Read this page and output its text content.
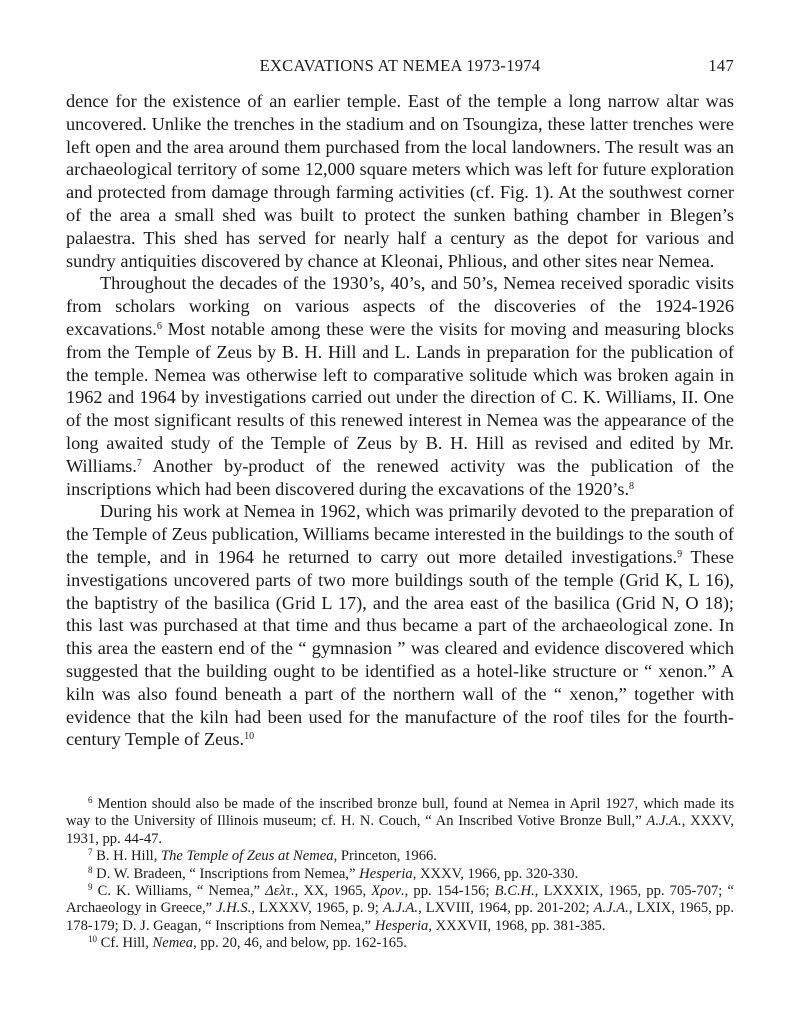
EXCAVATIONS AT NEMEA 1973-1974	147

dence for the existence of an earlier temple. East of the temple a long narrow altar was uncovered. Unlike the trenches in the stadium and on Tsoungiza, these latter trenches were left open and the area around them purchased from the local landowners. The result was an archaeological territory of some 12,000 square meters which was left for future exploration and protected from damage through farming activities (cf. Fig. 1). At the southwest corner of the area a small shed was built to protect the sunken bathing chamber in Blegen’s palaestra. This shed has served for nearly half a century as the depot for various and sundry antiquities discovered by chance at Kleonai, Phlious, and other sites near Nemea.

Throughout the decades of the 1930’s, 40’s, and 50’s, Nemea received sporadic visits from scholars working on various aspects of the discoveries of the 1924-1926 excavations.$^6$ Most notable among these were the visits for moving and measuring blocks from the Temple of Zeus by B. H. Hill and L. Lands in preparation for the publication of the temple. Nemea was otherwise left to comparative solitude which was broken again in 1962 and 1964 by investigations carried out under the direction of C. K. Williams, II. One of the most significant results of this renewed interest in Nemea was the appearance of the long awaited study of the Temple of Zeus by B. H. Hill as revised and edited by Mr. Williams.$^7$ Another by-product of the renewed activity was the publication of the inscriptions which had been discovered during the excavations of the 1920’s.$^8$

During his work at Nemea in 1962, which was primarily devoted to the preparation of the Temple of Zeus publication, Williams became interested in the buildings to the south of the temple, and in 1964 he returned to carry out more detailed investigations.$^9$ These investigations uncovered parts of two more buildings south of the temple (Grid K, L 16), the baptistry of the basilica (Grid L 17), and the area east of the basilica (Grid N, O 18); this last was purchased at that time and thus became a part of the archaeological zone. In this area the eastern end of the “ gymnasion ” was cleared and evidence discovered which suggested that the building ought to be identified as a hotel-like structure or “ xenon.” A kiln was also found beneath a part of the northern wall of the “ xenon,” together with evidence that the kiln had been used for the manufacture of the roof tiles for the fourth-century Temple of Zeus.$^{10}$

$^6$ Mention should also be made of the inscribed bronze bull, found at Nemea in April 1927, which made its way to the University of Illinois museum; cf. H. N. Couch, “ An Inscribed Votive Bronze Bull,” A.J.A., XXXV, 1931, pp. 44-47.

$^7$ B. H. Hill, The Temple of Zeus at Nemea, Princeton, 1966.

$^8$ D. W. Bradeen, “ Inscriptions from Nemea,” Hesperia, XXXV, 1966, pp. 320-330.

$^9$ C. K. Williams, “ Nemea,” Δελτ., XX, 1965, Χρον., pp. 154-156; B.C.H., LXXXIX, 1965, pp. 705-707; “ Archaeology in Greece,” J.H.S., LXXXV, 1965, p. 9; A.J.A., LXVIII, 1964, pp. 201-202; A.J.A., LXIX, 1965, pp. 178-179; D. J. Geagan, “ Inscriptions from Nemea,” Hesperia, XXXVII, 1968, pp. 381-385.

$^{10}$ Cf. Hill, Nemea, pp. 20, 46, and below, pp. 162-165.
